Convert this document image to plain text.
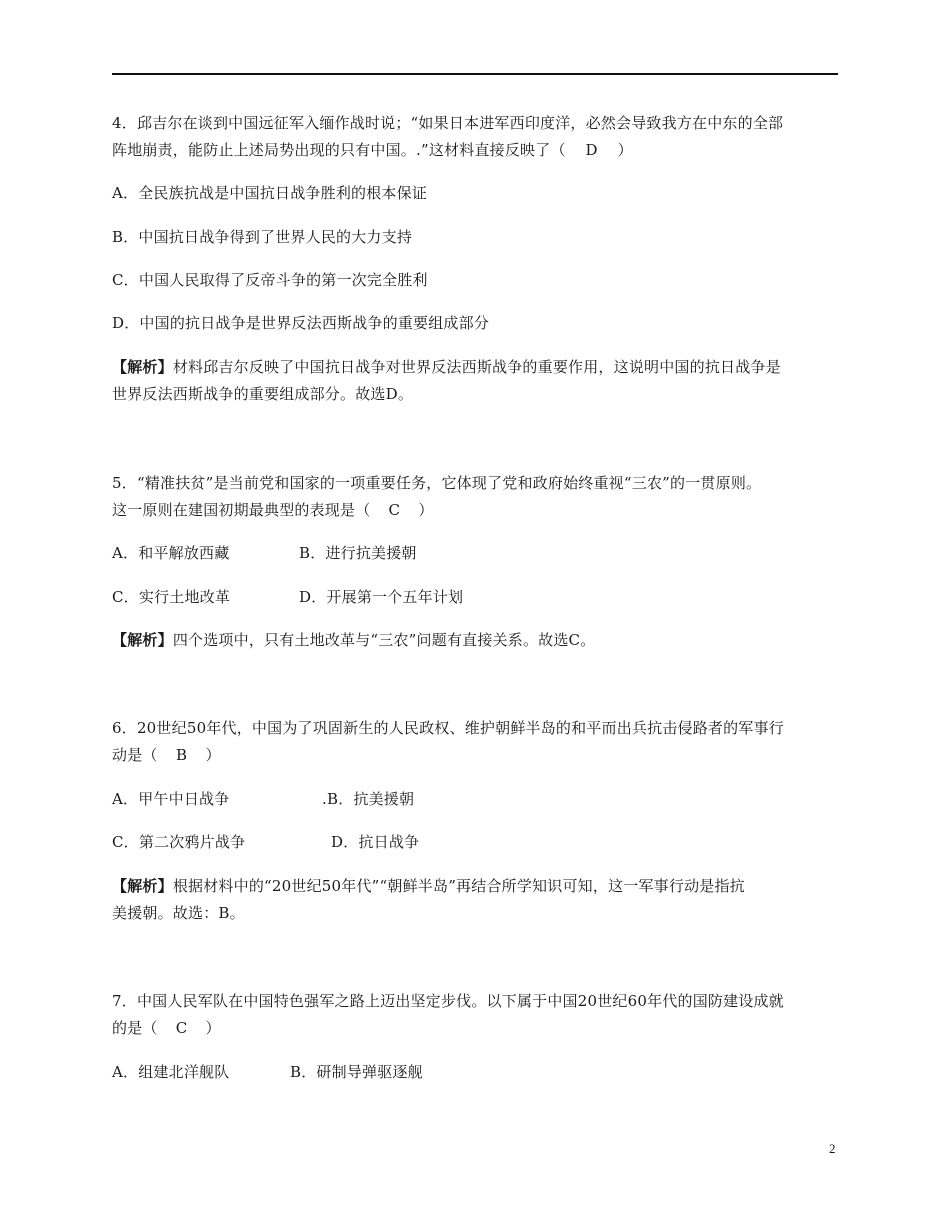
4．邱吉尔在谈到中国远征军入缅作战时说；“如果日本进军西印度洋，必然会导致我方在中东的全部
阵地崩责，能防止上述局势出现的只有中国。.”这材料直接反映了（ D ）
A．全民族抗战是中国抗日战争胜利的根本保证
B．中国抗日战争得到了世界人民的大力支持
C．中国人民取得了反帝斗争的第一次完全胜利
D．中国的抗日战争是世界反法西斯战争的重要组成部分
【解析】材料邱吉尔反映了中国抗日战争对世界反法西斯战争的重要作用，这说明中国的抗日战争是
世界反法西斯战争的重要组成部分。故选D。
5．“精准扶贫”是当前党和国家的一项重要任务，它体现了党和政府始终重视“三农”的一贯原则。
这一原则在建国初期最典型的表现是（ C ）
A．和平解放西藏	B．进行抗美援朝
C．实行土地改革	D．开展第一个五年计划
【解析】四个选项中，只有土地改革与“三农”问题有直接关系。故选C。
6．20世纪50年代，中国为了巩固新生的人民政权、维护朝鲜半岛的和平而出兵抗击侵路者的军事行
动是（ B ）
A．甲午中日战争	.B．抗美援朝
C．第二次鸦片战争	D．抗日战争
【解析】根据材料中的“20世纪50年代”“朝鲜半岛”再结合所学知识可知，这一军事行动是指抗
美援朝。故选：B。
7．中国人民军队在中国特色强军之路上迈出坚定步伐。以下属于中国20世纪60年代的国防建设成就
的是（ C ）
A．组建北洋舰队	B．研制导弹驱逐舰
2
